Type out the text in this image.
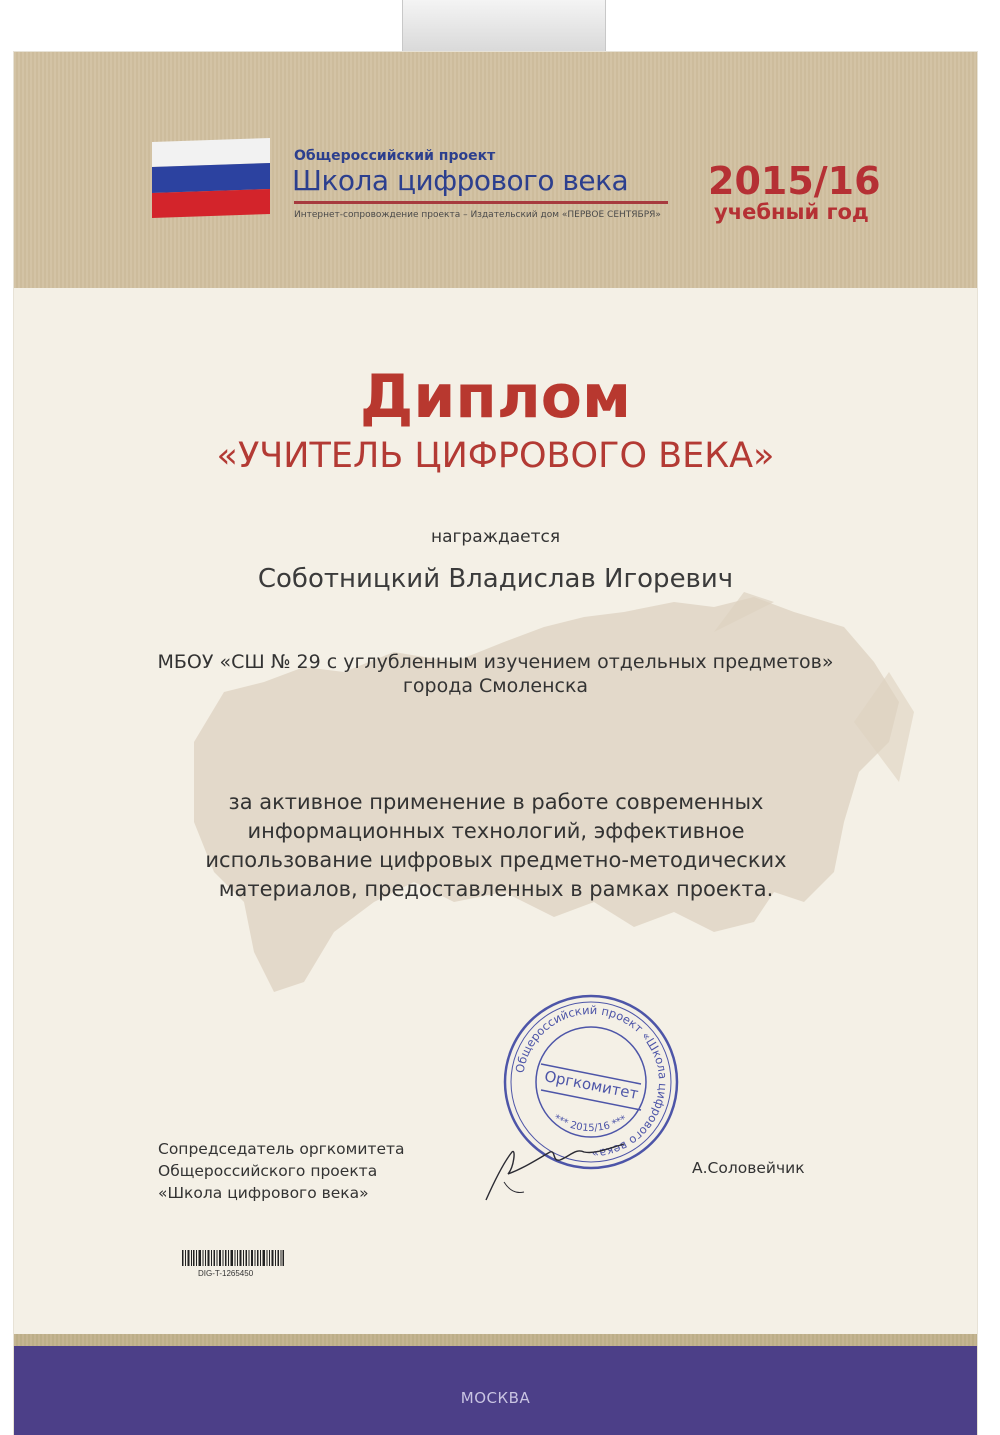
Общероссийский проект
Школа цифрового века
Интернет-сопровождение проекта – Издательский дом «ПЕРВОЕ СЕНТЯБРЯ»
2015/16
учебный год
Диплом
«УЧИТЕЛЬ ЦИФРОВОГО ВЕКА»
награждается
Соботницкий Владислав Игоревич
МБОУ «СШ № 29 с углубленным изучением отдельных предметов»
города Смоленска
за активное применение в работе современных
информационных технологий, эффективное
использование цифровых предметно-методических
материалов, предоставленных в рамках проекта.
Общероссийский проект «Школа цифрового века»
Оргкомитет
*** 2015/16 ***
Сопредседатель оргкомитета
Общероссийского проекта
«Школа цифрового века»
А.Соловейчик
DIG-T-1265450
МОСКВА
